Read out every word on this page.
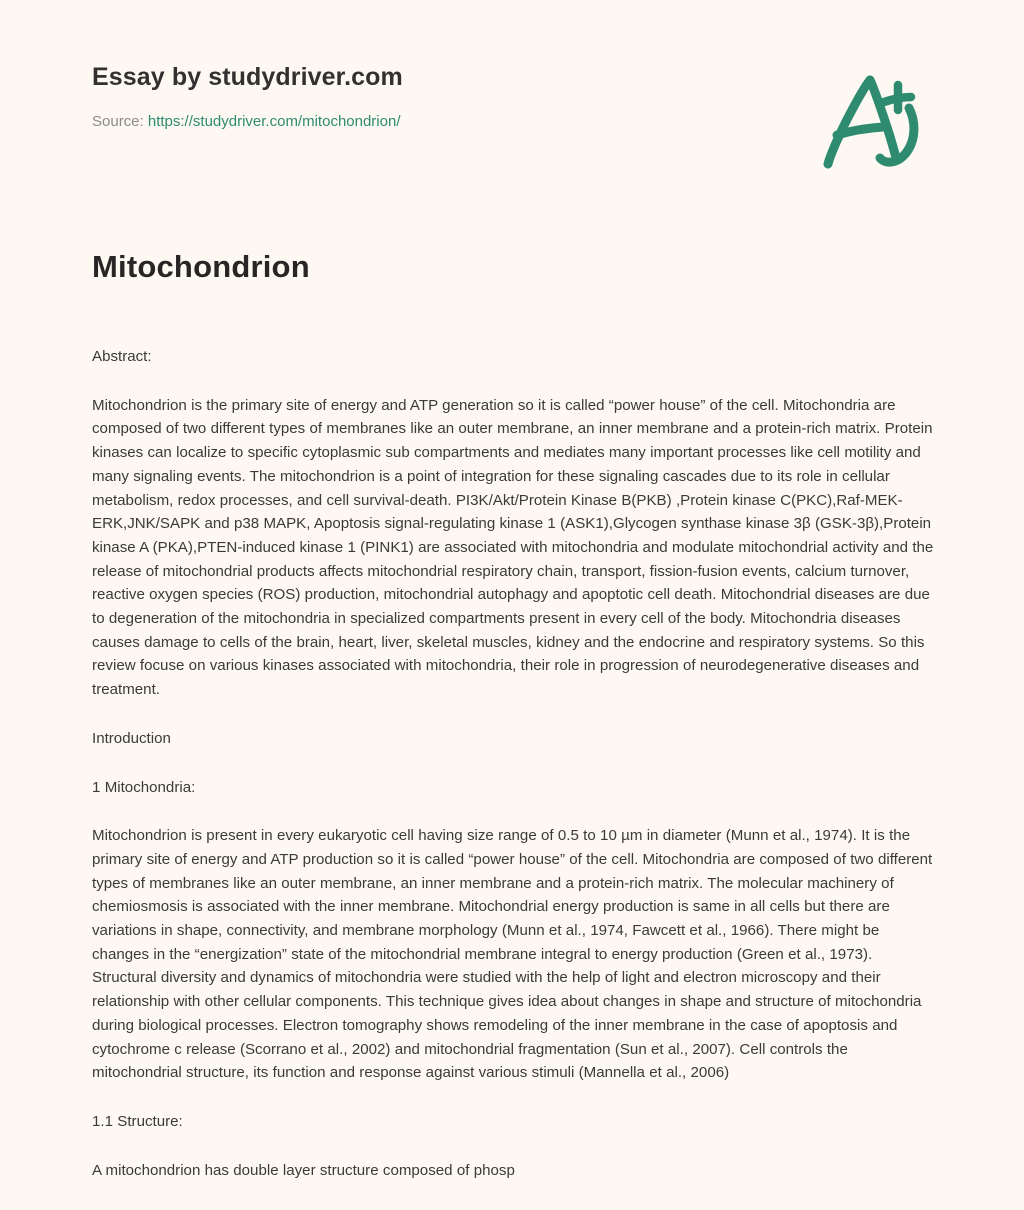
Essay by studydriver.com
Source: https://studydriver.com/mitochondrion/
Mitochondrion

Abstract:

Mitochondrion is the primary site of energy and ATP generation so it is called “power house” of the cell. Mitochondria are composed of two different types of membranes like an outer membrane, an inner membrane and a protein-rich matrix. Protein kinases can localize to specific cytoplasmic sub compartments and mediates many important processes like cell motility and many signaling events. The mitochondrion is a point of integration for these signaling cascades due to its role in cellular metabolism, redox processes, and cell survival-death. PI3K/Akt/Protein Kinase B(PKB) ,Protein kinase C(PKC),Raf-MEK-ERK,JNK/SAPK and p38 MAPK, Apoptosis signal-regulating kinase 1 (ASK1),Glycogen synthase kinase 3β (GSK-3β),Protein kinase A (PKA),PTEN-induced kinase 1 (PINK1) are associated with mitochondria and modulate mitochondrial activity and the release of mitochondrial products affects mitochondrial respiratory chain, transport, fission-fusion events, calcium turnover, reactive oxygen species (ROS) production, mitochondrial autophagy and apoptotic cell death. Mitochondrial diseases are due to degeneration of the mitochondria in specialized compartments present in every cell of the body. Mitochondria diseases causes damage to cells of the brain, heart, liver, skeletal muscles, kidney and the endocrine and respiratory systems. So this review focuse on various kinases associated with mitochondria, their role in progression of neurodegenerative diseases and treatment.

Introduction

1 Mitochondria:

Mitochondrion is present in every eukaryotic cell having size range of 0.5 to 10 µm in diameter (Munn et al., 1974). It is the primary site of energy and ATP production so it is called “power house” of the cell. Mitochondria are composed of two different types of membranes like an outer membrane, an inner membrane and a protein-rich matrix. The molecular machinery of chemiosmosis is associated with the inner membrane. Mitochondrial energy production is same in all cells but there are variations in shape, connectivity, and membrane morphology (Munn et al., 1974, Fawcett et al., 1966). There might be changes in the “energization” state of the mitochondrial membrane integral to energy production (Green et al., 1973). Structural diversity and dynamics of mitochondria were studied with the help of light and electron microscopy and their relationship with other cellular components. This technique gives idea about changes in shape and structure of mitochondria during biological processes. Electron tomography shows remodeling of the inner membrane in the case of apoptosis and cytochrome c release (Scorrano et al., 2002) and mitochondrial fragmentation (Sun et al., 2007). Cell controls the mitochondrial structure, its function and response against various stimuli (Mannella et al., 2006)

1.1 Structure:

A mitochondrion has double layer structure composed of phosp
